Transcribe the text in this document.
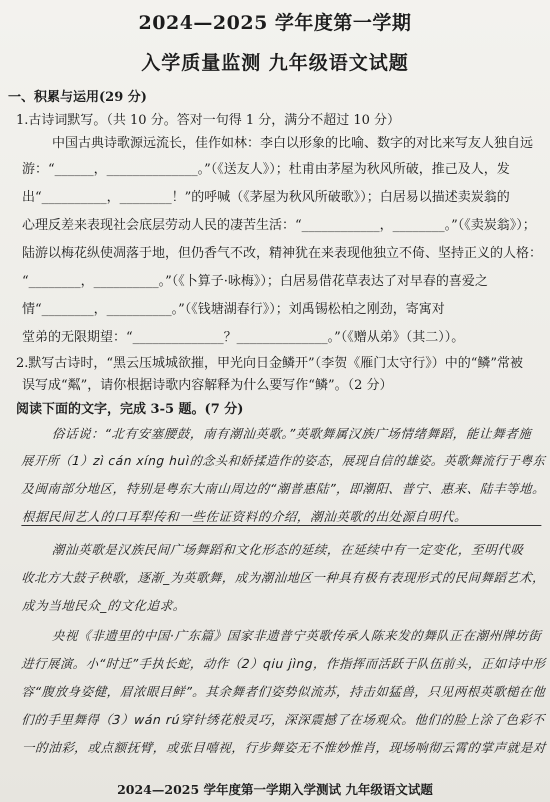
2024—2025 学年度第一学期
入学质量监测 九年级语文试题
一、积累与运用(29 分)
1.古诗词默写。（共 10 分。答对一句得 1 分，满分不超过 10 分）
中国古典诗歌源远流长，佳作如林：李白以形象的比喻、数字的对比来写友人独自远
游：“______，______________。”（《送友人》）；杜甫由茅屋为秋风所破，推己及人，发
出“__________，________！”的呼喊（《茅屋为秋风所破歌》）；白居易以描述卖炭翁的
心理反差来表现社会底层劳动人民的凄苦生活：“____________，________。”（《卖炭翁》）；
陆游以梅花纵使凋落于地，但仍香气不改，精神犹在来表现他独立不倚、坚持正义的人格：
“________，__________。”（《卜算子·咏梅》）；白居易借花草表达了对早春的喜爱之
情“________，__________。”（《钱塘湖春行》）；刘禹锡松柏之刚劲，寄寓对
堂弟的无限期望：“______________？______________。”（《赠从弟》（其二））。
2.默写古诗时，“黑云压城城欲摧，甲光向日金鳞开”（李贺《雁门太守行》）中的“鳞”常被
误写成“粼”，请你根据诗歌内容解释为什么要写作“鳞”。（2 分）
阅读下面的文字，完成 3-5 题。(7 分)
俗话说：“北有安塞腰鼓，南有潮汕英歌。”英歌舞属汉族广场情绪舞蹈，能让舞者施
展开所（1）zì cán xíng huì的念头和娇揉造作的姿态，展现自信的雄姿。英歌舞流行于粤东
及闽南部分地区，特别是粤东大南山周边的“潮普惠陆”，即潮阳、普宁、惠来、陆丰等地。
根据民间艺人的口耳犁传和一些佐证资料的介绍，潮汕英歌的出处源自明代。
潮汕英歌是汉族民间广场舞蹈和文化形态的延续，在延续中有一定变化，至明代吸
收北方大鼓子秧歌，逐渐_为英歌舞，成为潮汕地区一种具有极有表现形式的民间舞蹈艺术，
成为当地民众_的文化追求。
央视《非遗里的中国·广东篇》国家非遗普宁英歌传承人陈来发的舞队正在潮州牌坊街
进行展演。小“时迁”手执长蛇，动作（2）qiu jìng，作指挥而活跃于队伍前头，正如诗中形
容“腹放身姿健，眉浓眼目鲜”。其余舞者们姿势似流苏，持击如猛兽，只见两根英歌槌在他
们的手里舞得（3）wán rú穿针绣花般灵巧，深深震撼了在场观众。他们的脸上涂了色彩不
一的油彩，或点额抚臂，或张目嘻视，行步舞姿无不惟妙惟肖，现场响彻云霄的掌声就是对
2024—2025 学年度第一学期入学测试 九年级语文试题
